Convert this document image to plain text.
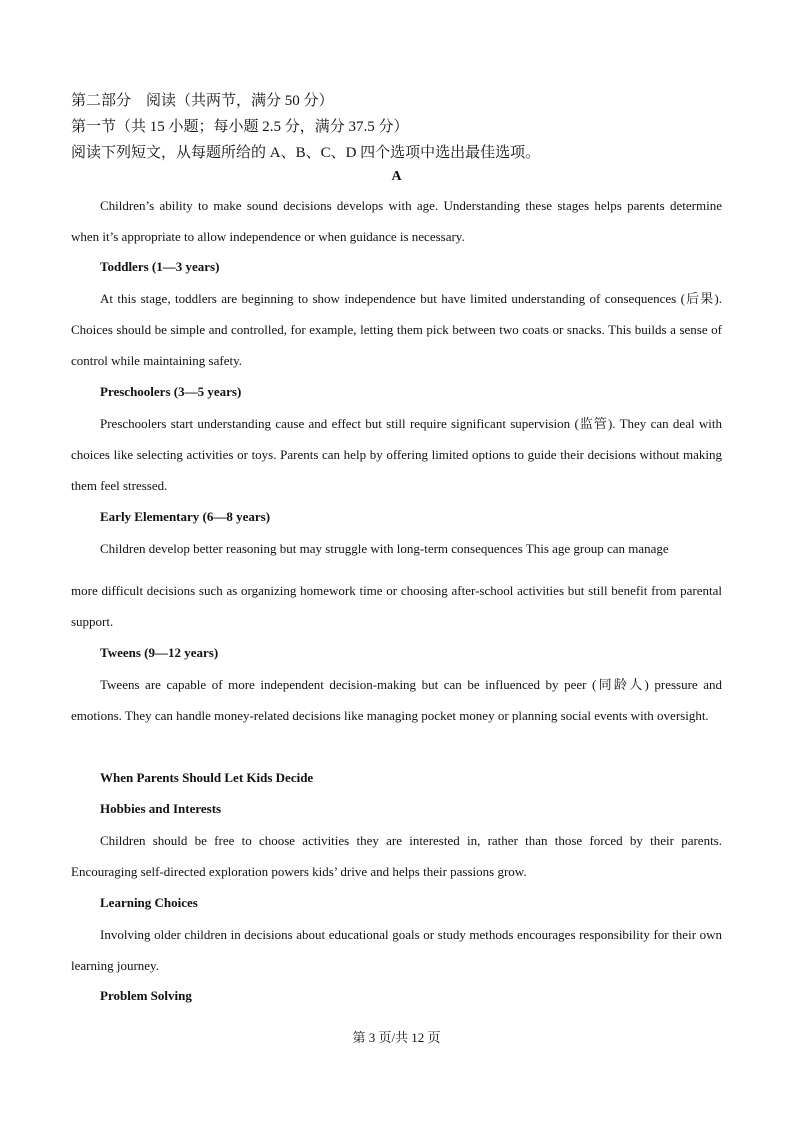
第二部分　阅读（共两节，满分 50 分）
第一节（共 15 小题；每小题 2.5 分，满分 37.5 分）
阅读下列短文，从每题所给的 A、B、C、D 四个选项中选出最佳选项。
A
Children’s ability to make sound decisions develops with age. Understanding these stages helps parents determine when it’s appropriate to allow independence or when guidance is necessary.
Toddlers (1—3 years)
At this stage, toddlers are beginning to show independence but have limited understanding of consequences (后果). Choices should be simple and controlled, for example, letting them pick between two coats or snacks. This builds a sense of control while maintaining safety.
Preschoolers (3—5 years)
Preschoolers start understanding cause and effect but still require significant supervision (监管). They can deal with choices like selecting activities or toys. Parents can help by offering limited options to guide their decisions without making them feel stressed.
Early Elementary (6—8 years)
Children develop better reasoning but may struggle with long-term consequences This age group can manage
more difficult decisions such as organizing homework time or choosing after-school activities but still benefit from parental support.
Tweens (9—12 years)
Tweens are capable of more independent decision-making but can be influenced by peer (同龄人) pressure and emotions. They can handle money-related decisions like managing pocket money or planning social events with oversight.
When Parents Should Let Kids Decide
Hobbies and Interests
Children should be free to choose activities they are interested in, rather than those forced by their parents. Encouraging self-directed exploration powers kids’ drive and helps their passions grow.
Learning Choices
Involving older children in decisions about educational goals or study methods encourages responsibility for their own learning journey.
Problem Solving
第 3 页/共 12 页
